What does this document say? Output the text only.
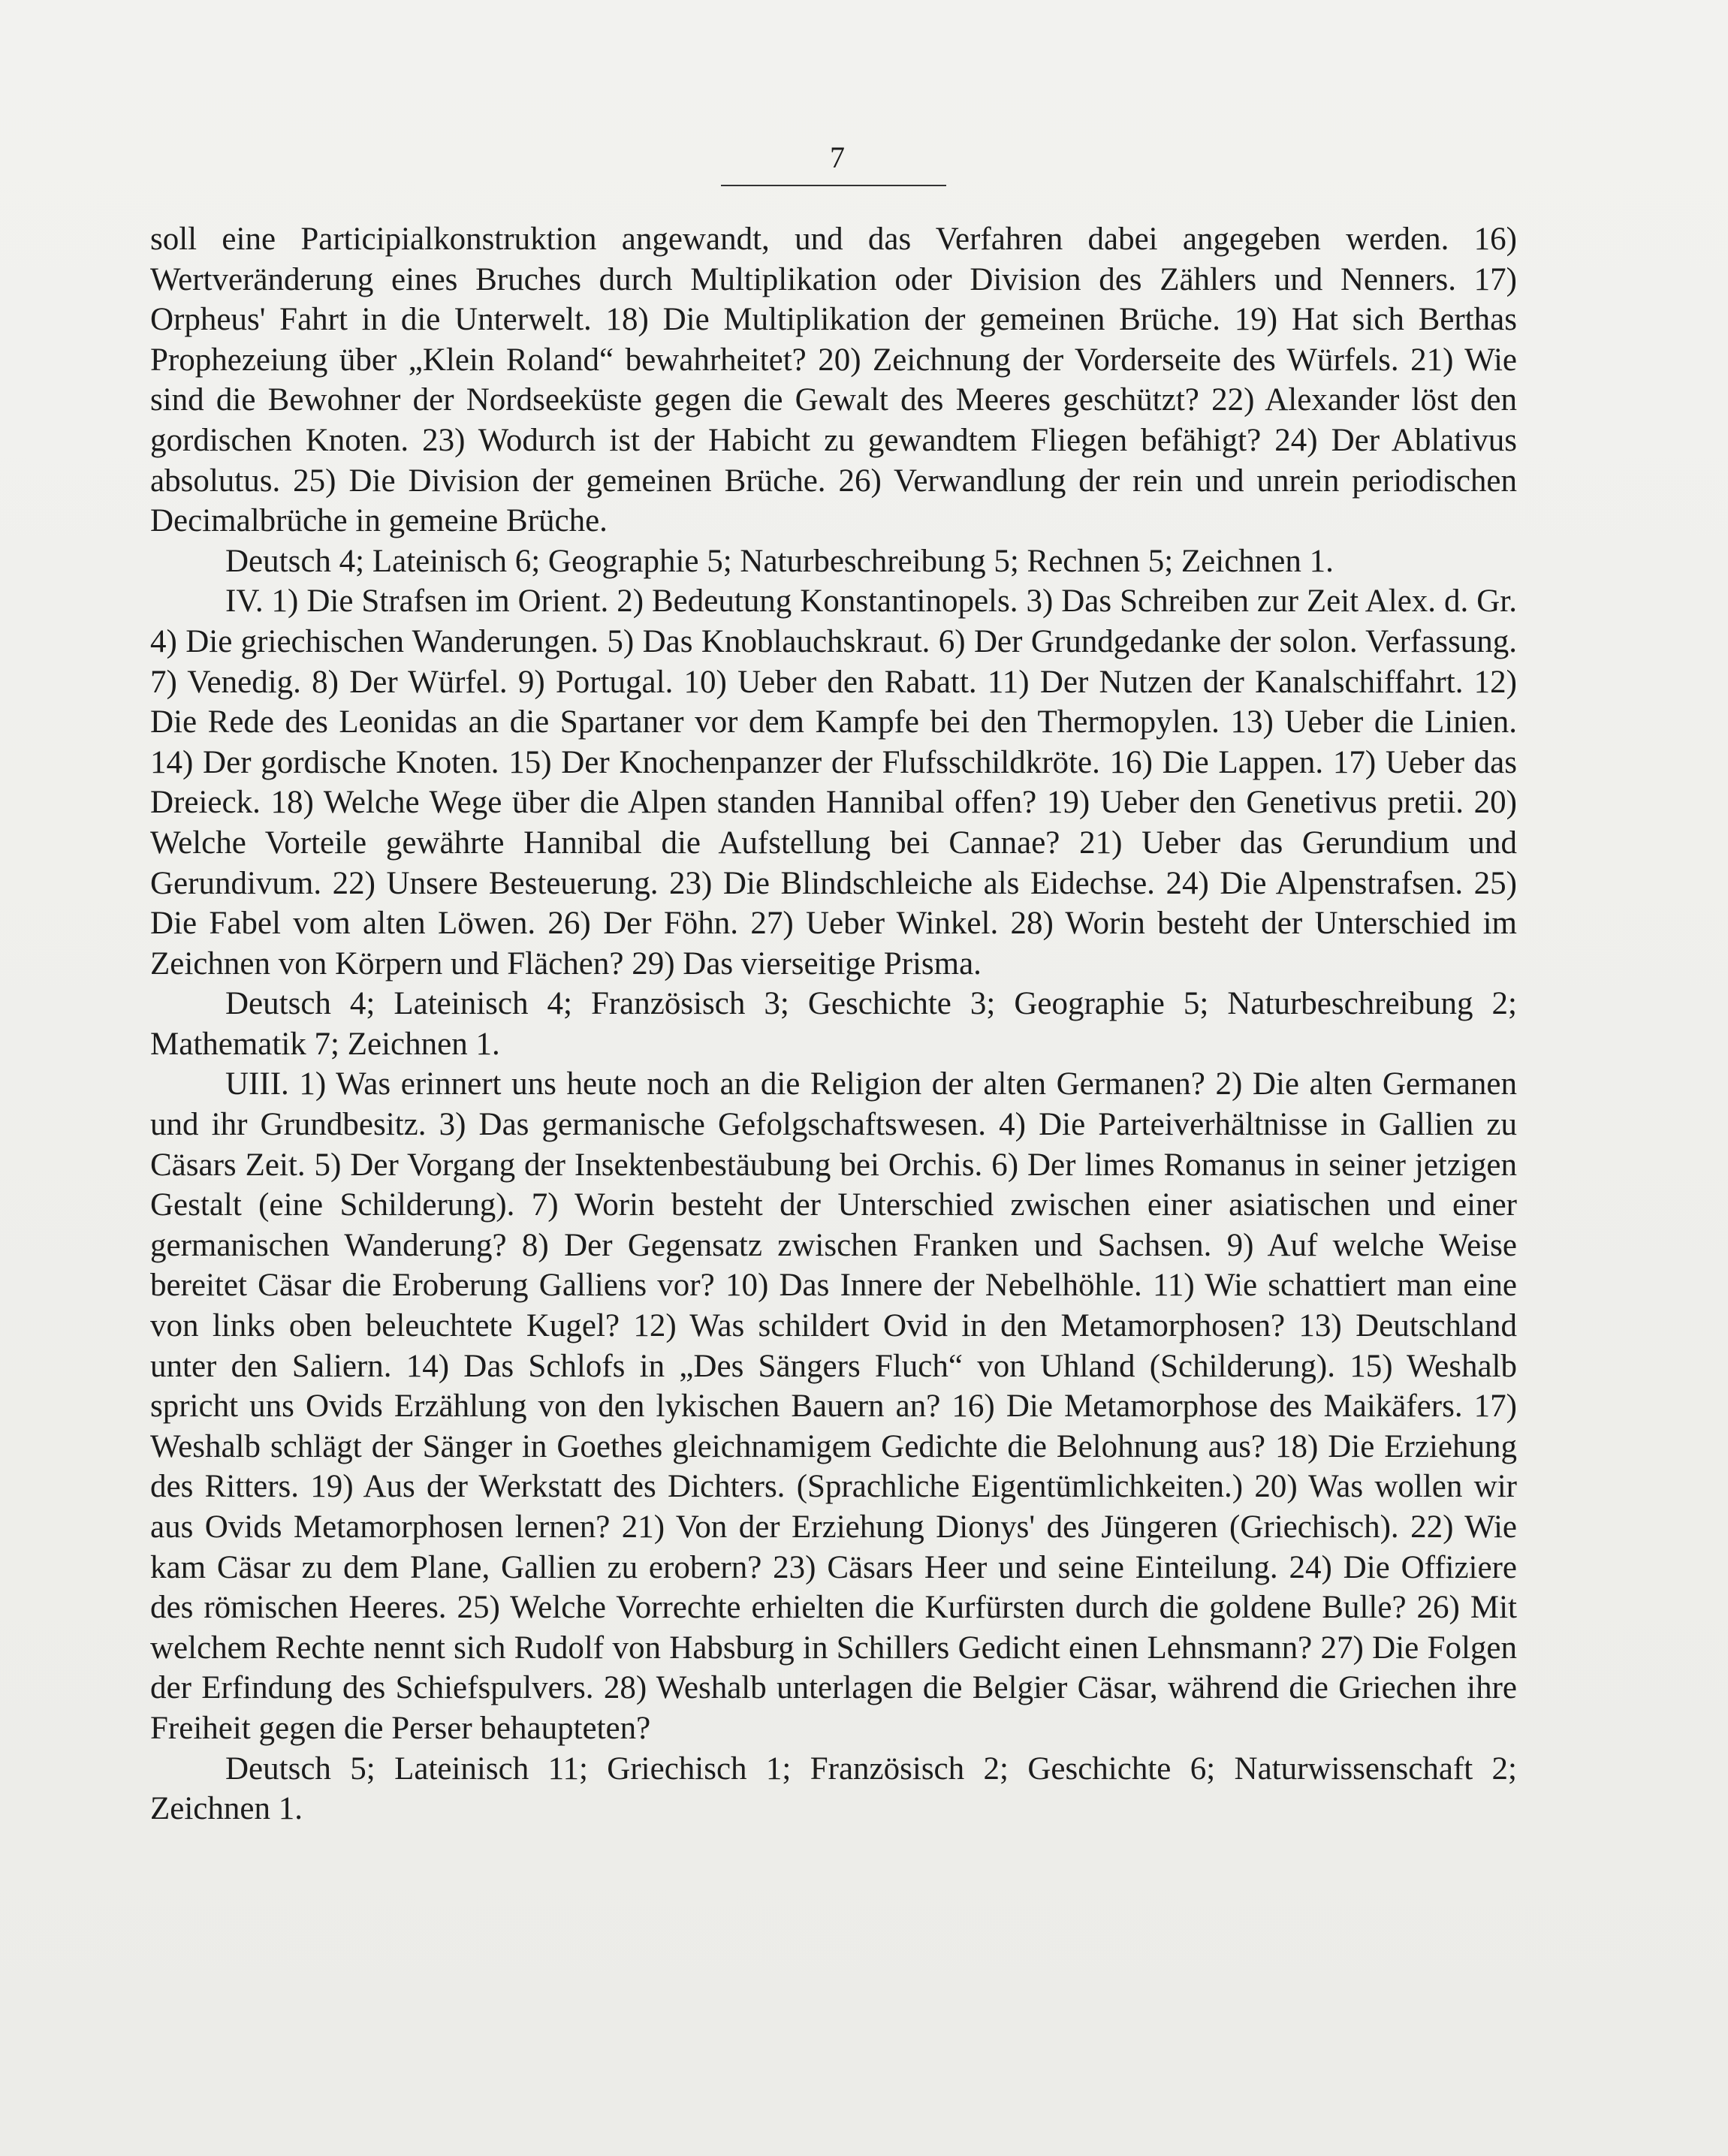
7

soll eine Participialkonstruktion angewandt, und das Verfahren dabei angegeben werden. 16) Wertveränderung eines Bruches durch Multiplikation oder Division des Zählers und Nenners. 17) Orpheus' Fahrt in die Unterwelt. 18) Die Multiplikation der gemeinen Brüche. 19) Hat sich Berthas Prophezeiung über „Klein Roland“ bewahrheitet? 20) Zeichnung der Vorderseite des Würfels. 21) Wie sind die Bewohner der Nordseeküste gegen die Gewalt des Meeres geschützt? 22) Alexander löst den gordischen Knoten. 23) Wodurch ist der Habicht zu gewandtem Fliegen befähigt? 24) Der Ablativus absolutus. 25) Die Division der gemeinen Brüche. 26) Verwandlung der rein und unrein periodischen Decimalbrüche in gemeine Brüche.

Deutsch 4; Lateinisch 6; Geographie 5; Naturbeschreibung 5; Rechnen 5; Zeichnen 1.

IV. 1) Die Strafsen im Orient. 2) Bedeutung Konstantinopels. 3) Das Schreiben zur Zeit Alex. d. Gr. 4) Die griechischen Wanderungen. 5) Das Knoblauchskraut. 6) Der Grundgedanke der solon. Verfassung. 7) Venedig. 8) Der Würfel. 9) Portugal. 10) Ueber den Rabatt. 11) Der Nutzen der Kanalschiffahrt. 12) Die Rede des Leonidas an die Spartaner vor dem Kampfe bei den Thermopylen. 13) Ueber die Linien. 14) Der gordische Knoten. 15) Der Knochenpanzer der Flufsschildkröte. 16) Die Lappen. 17) Ueber das Dreieck. 18) Welche Wege über die Alpen standen Hannibal offen? 19) Ueber den Genetivus pretii. 20) Welche Vorteile gewährte Hannibal die Aufstellung bei Cannae? 21) Ueber das Gerundium und Gerundivum. 22) Unsere Besteuerung. 23) Die Blindschleiche als Eidechse. 24) Die Alpenstrafsen. 25) Die Fabel vom alten Löwen. 26) Der Föhn. 27) Ueber Winkel. 28) Worin besteht der Unterschied im Zeichnen von Körpern und Flächen? 29) Das vierseitige Prisma.

Deutsch 4; Lateinisch 4; Französisch 3; Geschichte 3; Geographie 5; Naturbeschreibung 2; Mathematik 7; Zeichnen 1.

UIII. 1) Was erinnert uns heute noch an die Religion der alten Germanen? 2) Die alten Germanen und ihr Grundbesitz. 3) Das germanische Gefolgschaftswesen. 4) Die Parteiverhältnisse in Gallien zu Cäsars Zeit. 5) Der Vorgang der Insektenbestäubung bei Orchis. 6) Der limes Romanus in seiner jetzigen Gestalt (eine Schilderung). 7) Worin besteht der Unterschied zwischen einer asiatischen und einer germanischen Wanderung? 8) Der Gegensatz zwischen Franken und Sachsen. 9) Auf welche Weise bereitet Cäsar die Eroberung Galliens vor? 10) Das Innere der Nebelhöhle. 11) Wie schattiert man eine von links oben beleuchtete Kugel? 12) Was schildert Ovid in den Metamorphosen? 13) Deutschland unter den Saliern. 14) Das Schlofs in „Des Sängers Fluch“ von Uhland (Schilderung). 15) Weshalb spricht uns Ovids Erzählung von den lykischen Bauern an? 16) Die Metamorphose des Maikäfers. 17) Weshalb schlägt der Sänger in Goethes gleichnamigem Gedichte die Belohnung aus? 18) Die Erziehung des Ritters. 19) Aus der Werkstatt des Dichters. (Sprachliche Eigentümlichkeiten.) 20) Was wollen wir aus Ovids Metamorphosen lernen? 21) Von der Erziehung Dionys' des Jüngeren (Griechisch). 22) Wie kam Cäsar zu dem Plane, Gallien zu erobern? 23) Cäsars Heer und seine Einteilung. 24) Die Offiziere des römischen Heeres. 25) Welche Vorrechte erhielten die Kurfürsten durch die goldene Bulle? 26) Mit welchem Rechte nennt sich Rudolf von Habsburg in Schillers Gedicht einen Lehnsmann? 27) Die Folgen der Erfindung des Schiefspulvers. 28) Weshalb unterlagen die Belgier Cäsar, während die Griechen ihre Freiheit gegen die Perser behaupteten?

Deutsch 5; Lateinisch 11; Griechisch 1; Französisch 2; Geschichte 6; Naturwissenschaft 2; Zeichnen 1.
